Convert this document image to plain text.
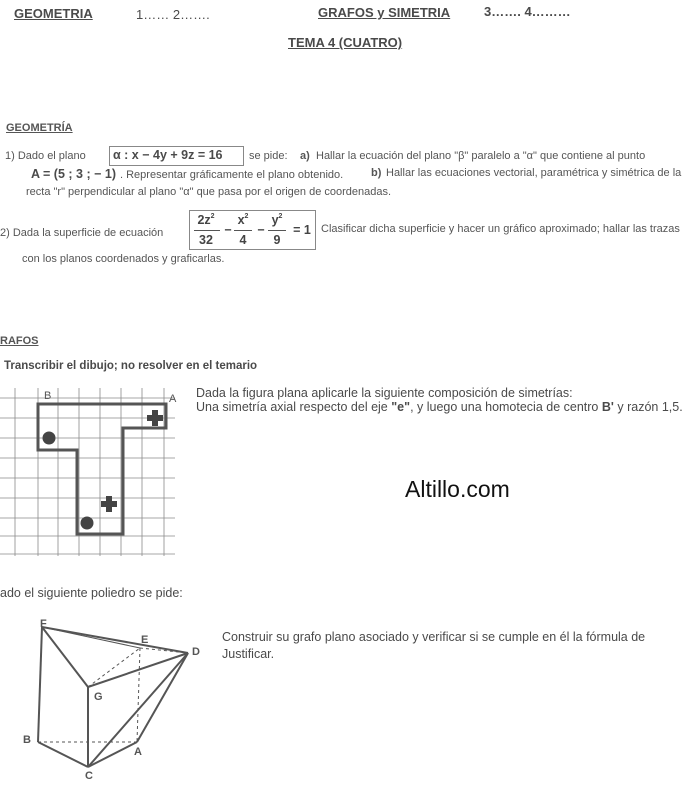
GEOMETRIA	1…… 2…….	GRAFOS y SIMETRIA	3……. 4………
TEMA 4 (CUATRO)
GEOMETRÍA
1) Dado el plano α : x − 4y + 9z = 16 se pide: a) Hallar la ecuación del plano "β" paralelo a "α" que contiene al punto
A = (5 ; 3 ; − 1) . Representar gráficamente el plano obtenido.	b) Hallar las ecuaciones vectorial, paramétrica y simétrica de la
recta "r" perpendicular al plano "α" que pasa por el origen de coordenadas.
2) Dada la superficie de ecuación
$2z^2$
32
−
$x^2$
4
−
$y^2$
9
= 1 Clasificar dicha superficie y hacer un gráfico aproximado; hallar las trazas
con los planos coordenados y graficarlas.
RAFOS
Transcribir el dibujo; no resolver en el temario
B	A Dada la figura plana aplicarle la siguiente composición de simetrías:
Una simetría axial respecto del eje "e", y luego una homotecia de centro B' y razón 1,5.
Altillo.com
ado el siguiente poliedro se pide:
Construir su grafo plano asociado y verificar si se cumple en él la fórmula de
Justificar.
F
E
D
G
B
A
C
